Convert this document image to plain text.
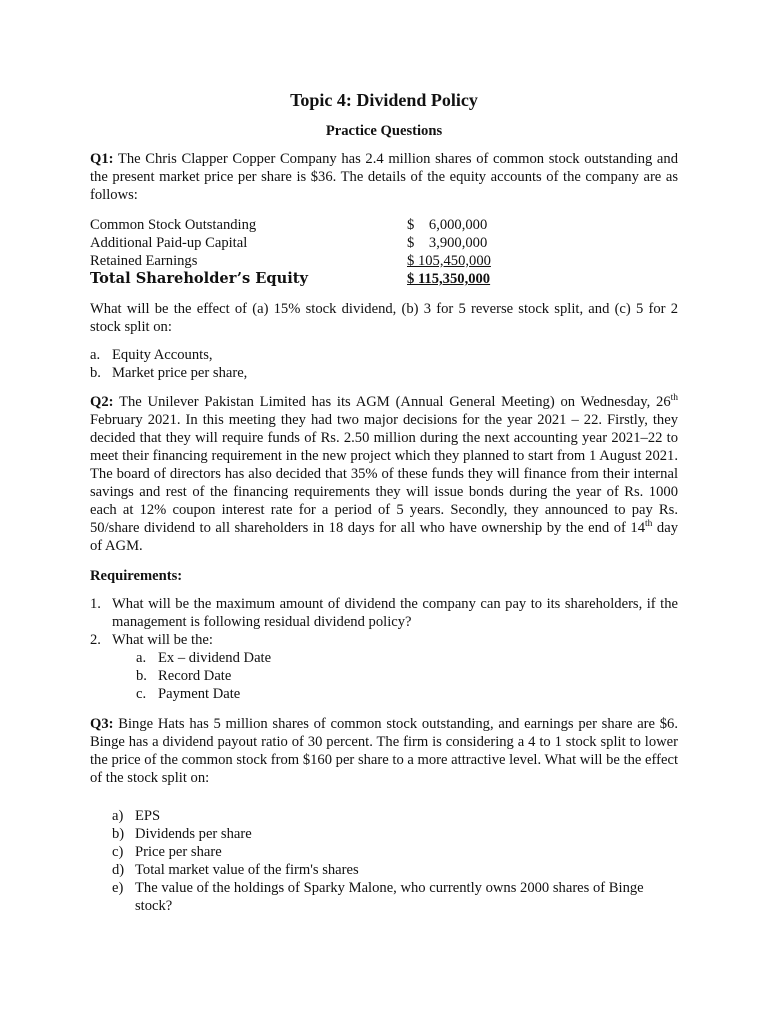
Topic 4: Dividend Policy
Practice Questions

Q1: The Chris Clapper Copper Company has 2.4 million shares of common stock outstanding and the present market price per share is $36. The details of the equity accounts of the company are as follows:

Common Stock Outstanding	$    6,000,000
Additional Paid-up Capital	$    3,900,000
Retained Earnings	$ 105,450,000
Total Shareholder’s Equity	$ 115,350,000

What will be the effect of (a) 15% stock dividend, (b) 3 for 5 reverse stock split, and (c) 5 for 2 stock split on:

a. Equity Accounts,
b. Market price per share,

Q2: The Unilever Pakistan Limited has its AGM (Annual General Meeting) on Wednesday, 26th February 2021. In this meeting they had two major decisions for the year 2021 – 22. Firstly, they decided that they will require funds of Rs. 2.50 million during the next accounting year 2021–22 to meet their financing requirement in the new project which they planned to start from 1 August 2021. The board of directors has also decided that 35% of these funds they will finance from their internal savings and rest of the financing requirements they will issue bonds during the year of Rs. 1000 each at 12% coupon interest rate for a period of 5 years. Secondly, they announced to pay Rs. 50/share dividend to all shareholders in 18 days for all who have ownership by the end of 14th day of AGM.

Requirements:
1. What will be the maximum amount of dividend the company can pay to its shareholders, if the management is following residual dividend policy?
2. What will be the:
a. Ex – dividend Date
b. Record Date
c. Payment Date

Q3: Binge Hats has 5 million shares of common stock outstanding, and earnings per share are $6. Binge has a dividend payout ratio of 30 percent. The firm is considering a 4 to 1 stock split to lower the price of the common stock from $160 per share to a more attractive level. What will be the effect of the stock split on:

a) EPS
b) Dividends per share
c) Price per share
d) Total market value of the firm's shares
e) The value of the holdings of Sparky Malone, who currently owns 2000 shares of Binge stock?
